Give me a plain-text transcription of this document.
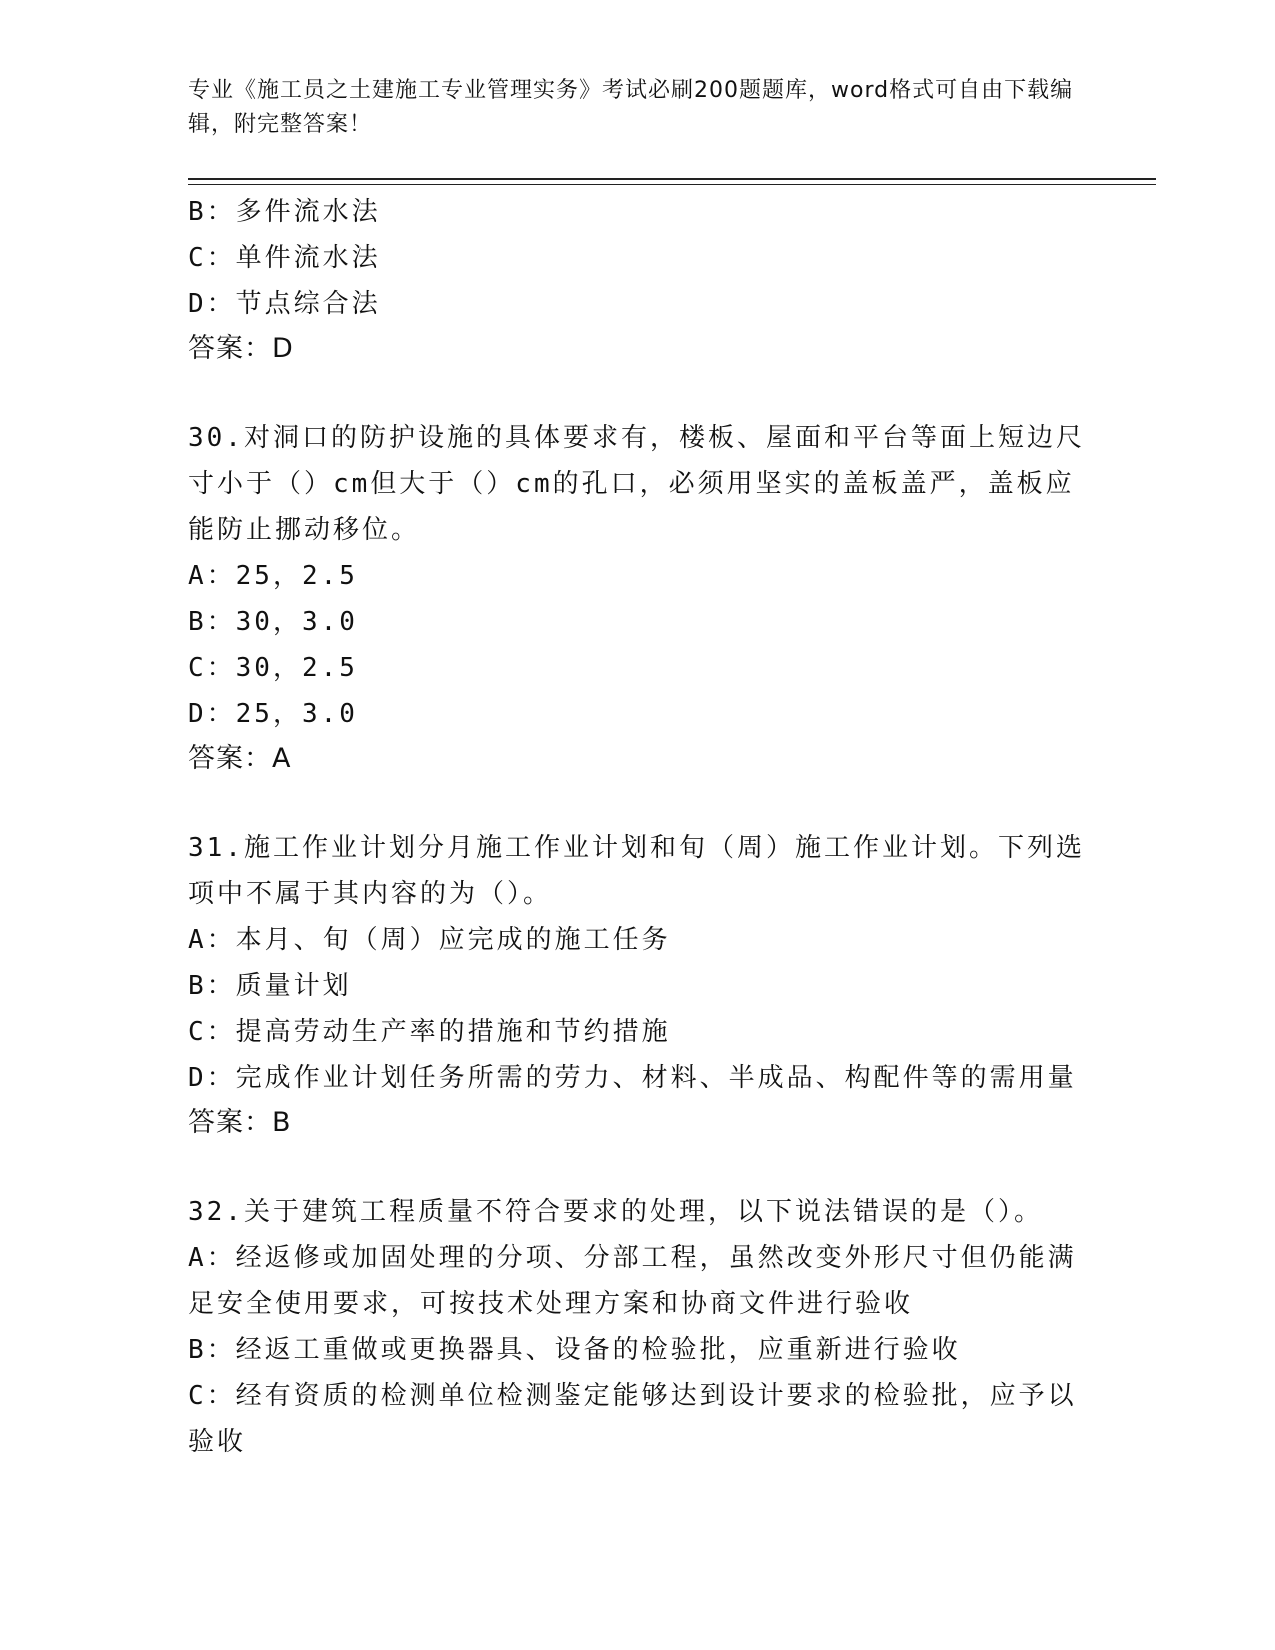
专业《施工员之土建施工专业管理实务》考试必刷200题题库，word格式可自由下载编辑，附完整答案！
B：多件流水法
C：单件流水法
D：节点综合法
答案：D
30.对洞口的防护设施的具体要求有，楼板、屋面和平台等面上短边尺寸小于（）cm但大于（）cm的孔口，必须用坚实的盖板盖严，盖板应能防止挪动移位。
A：25，2.5
B：30，3.0
C：30，2.5
D：25，3.0
答案：A
31.施工作业计划分月施工作业计划和旬（周）施工作业计划。下列选项中不属于其内容的为（）。
A：本月、旬（周）应完成的施工任务
B：质量计划
C：提高劳动生产率的措施和节约措施
D：完成作业计划任务所需的劳力、材料、半成品、构配件等的需用量
答案：B
32.关于建筑工程质量不符合要求的处理，以下说法错误的是（）。
A：经返修或加固处理的分项、分部工程，虽然改变外形尺寸但仍能满足安全使用要求，可按技术处理方案和协商文件进行验收
B：经返工重做或更换器具、设备的检验批，应重新进行验收
C：经有资质的检测单位检测鉴定能够达到设计要求的检验批，应予以验收
